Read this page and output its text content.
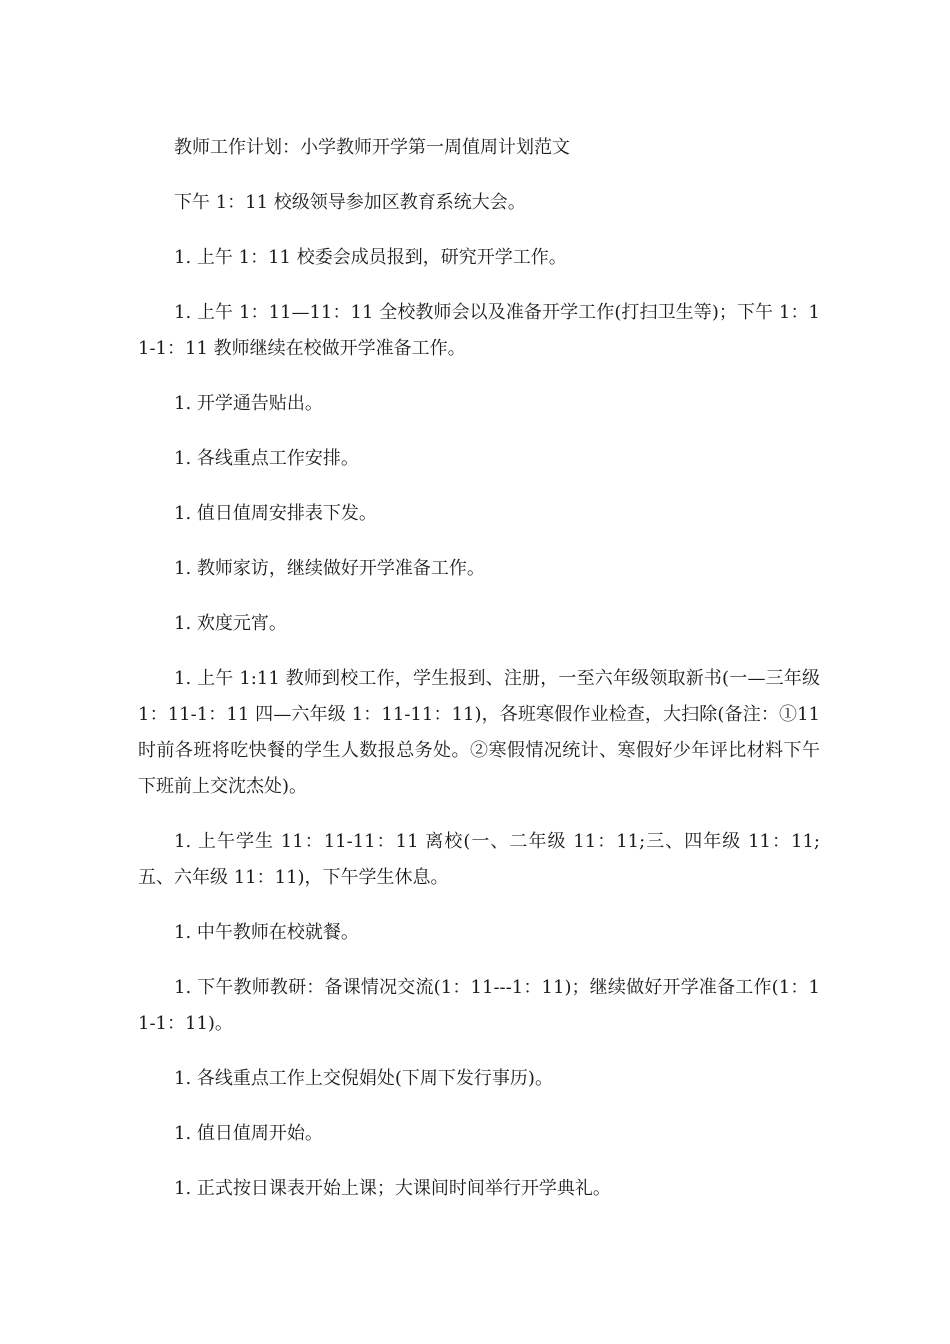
教师工作计划：小学教师开学第一周值周计划范文

下午 1：11 校级领导参加区教育系统大会。

1. 上午 1：11 校委会成员报到，研究开学工作。

1. 上午 1：11—11：11 全校教师会以及准备开学工作(打扫卫生等)；下午 1：11-1：11 教师继续在校做开学准备工作。

1. 开学通告贴出。

1. 各线重点工作安排。

1. 值日值周安排表下发。

1. 教师家访，继续做好开学准备工作。

1. 欢度元宵。

1. 上午 1:11 教师到校工作，学生报到、注册，一至六年级领取新书(一—三年级 1：11-1：11 四—六年级 1：11-11：11)，各班寒假作业检查，大扫除(备注：①11 时前各班将吃快餐的学生人数报总务处。②寒假情况统计、寒假好少年评比材料下午下班前上交沈杰处)。

1. 上午学生 11：11-11：11 离校(一、二年级 11：11;三、四年级 11：11;五、六年级 11：11)，下午学生休息。

1. 中午教师在校就餐。

1. 下午教师教研：备课情况交流(1：11---1：11)；继续做好开学准备工作(1：11-1：11)。

1. 各线重点工作上交倪娟处(下周下发行事历)。

1. 值日值周开始。

1. 正式按日课表开始上课；大课间时间举行开学典礼。
